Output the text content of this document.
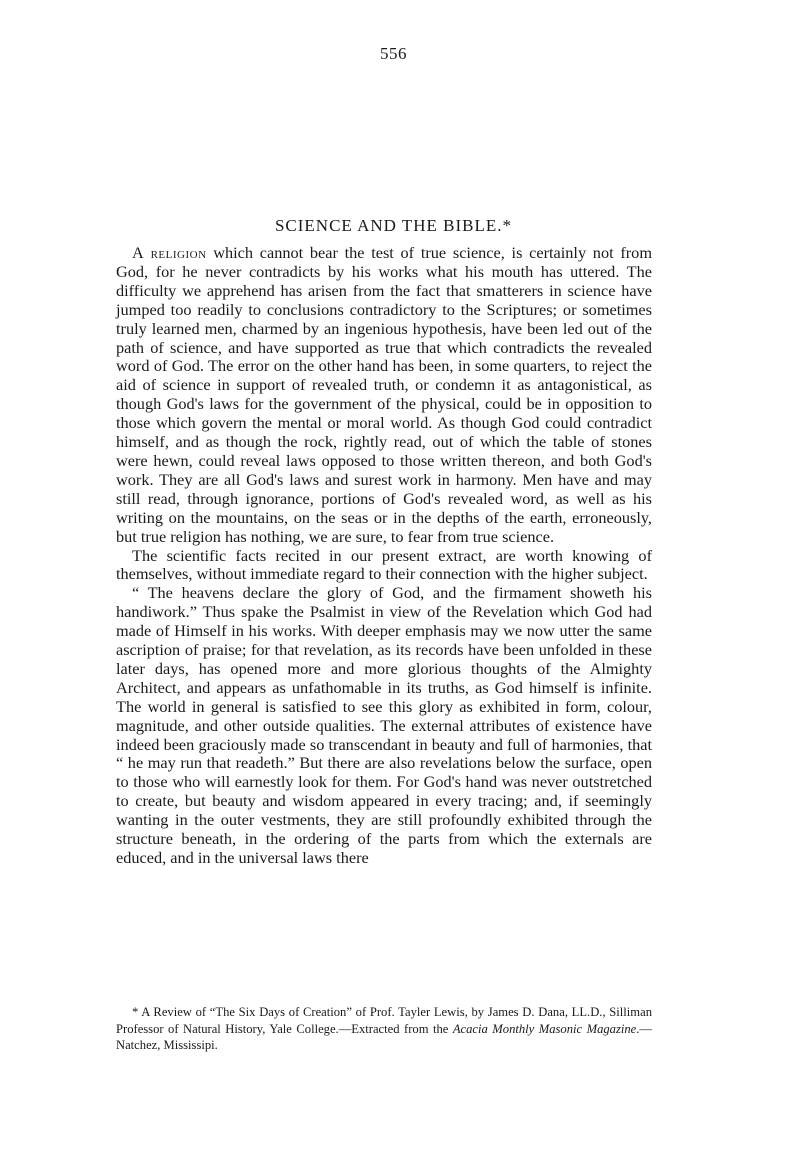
556
SCIENCE AND THE BIBLE.*

A religion which cannot bear the test of true science, is certainly not from God, for he never contradicts by his works what his mouth has uttered. The difficulty we apprehend has arisen from the fact that smatterers in science have jumped too readily to conclusions contradictory to the Scriptures; or sometimes truly learned men, charmed by an ingenious hypothesis, have been led out of the path of science, and have supported as true that which contradicts the revealed word of God. The error on the other hand has been, in some quarters, to reject the aid of science in support of revealed truth, or condemn it as antagonistical, as though God's laws for the government of the physical, could be in opposition to those which govern the mental or moral world. As though God could contradict himself, and as though the rock, rightly read, out of which the table of stones were hewn, could reveal laws opposed to those written thereon, and both God's work. They are all God's laws and surest work in harmony. Men have and may still read, through ignorance, portions of God's revealed word, as well as his writing on the mountains, on the seas or in the depths of the earth, erroneously, but true religion has nothing, we are sure, to fear from true science.

The scientific facts recited in our present extract, are worth knowing of themselves, without immediate regard to their connection with the higher subject.

“ The heavens declare the glory of God, and the firmament showeth his handiwork.” Thus spake the Psalmist in view of the Revelation which God had made of Himself in his works. With deeper emphasis may we now utter the same ascription of praise; for that revelation, as its records have been unfolded in these later days, has opened more and more glorious thoughts of the Almighty Architect, and appears as unfathomable in its truths, as God himself is infinite. The world in general is satisfied to see this glory as exhibited in form, colour, magnitude, and other outside qualities. The external attributes of existence have indeed been graciously made so transcendant in beauty and full of harmonies, that “ he may run that readeth.” But there are also revelations below the surface, open to those who will earnestly look for them. For God's hand was never outstretched to create, but beauty and wisdom appeared in every tracing; and, if seemingly wanting in the outer vestments, they are still profoundly exhibited through the structure beneath, in the ordering of the parts from which the externals are educed, and in the universal laws there

* A Review of “The Six Days of Creation” of Prof. Tayler Lewis, by James D. Dana, LL.D., Silliman Professor of Natural History, Yale College.—Extracted from the Acacia Monthly Masonic Magazine.—Natchez, Mississipi.
